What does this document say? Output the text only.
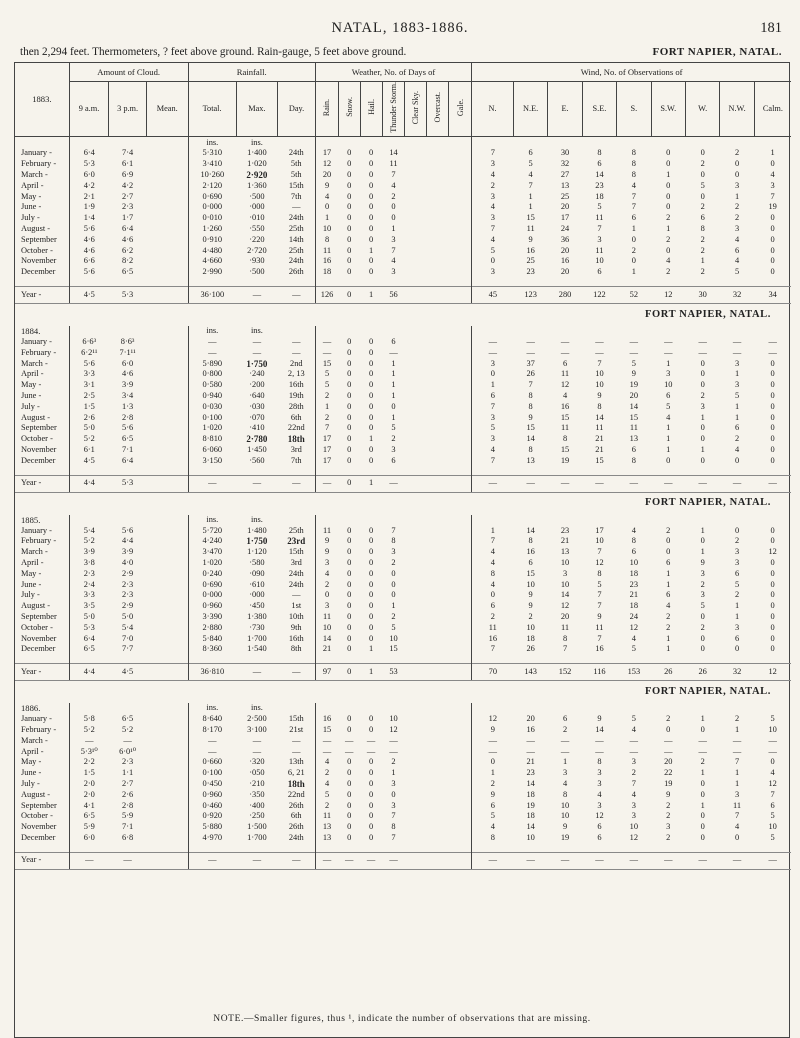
NATAL, 1883-1886.	181
then 2,294 feet. Thermometers, ? feet above ground. Rain-gauge, 5 feet above ground.	FORT NAPIER, NATAL.
1883.	Amount of Cloud.			Rainfall.			Weather, No. of Days of							Wind, No. of Observations of								
	9 a.m.	3 p.m.	Mean.	Total.	Max.	Day.	Rain.	Snow.	Hail.	Thunder Storm.	Clear Sky.	Overcast.	Gale.	N.	N.E.	E.	S.E.	S.	S.W.	W.	N.W.	Calm.
				ins.	ins.																	
January -	6·4	7·4		5·310	1·400	24th	17	0	0	14				7	6	30	8	8	0	0	2	1
February -	5·3	6·1		3·410	1·020	5th	12	0	0	11				3	5	32	6	8	0	2	0	0
March -	6·0	6·9		10·260	2·920	5th	20	0	0	7				4	4	27	14	8	1	0	0	4
April -	4·2	4·2		2·120	1·360	15th	9	0	0	4				2	7	13	23	4	0	5	3	3
May -	2·1	2·7		0·690	·500	7th	4	0	0	2				3	1	25	18	7	0	0	1	7
June -	1·9	2·3		0·000	·000	—	0	0	0	0				4	1	20	5	7	0	2	2	19
July -	1·4	1·7		0·010	·010	24th	1	0	0	0				3	15	17	11	6	2	6	2	0
August -	5·6	6·4		1·260	·550	25th	10	0	0	1				7	11	24	7	1	1	8	3	0
September	4·6	4·6		0·910	·220	14th	8	0	0	3				4	9	36	3	0	2	2	4	0
October -	4·6	6·2		4·480	2·720	25th	11	0	1	7				5	16	20	11	2	0	2	6	0
November	6·6	8·2		4·660	·930	24th	16	0	0	4				0	25	16	10	0	4	1	4	0
December	5·6	6·5		2·990	·500	26th	18	0	0	3				3	23	20	6	1	2	2	5	0

Year -	4·5	5·3		36·100	—	—	126	0	1	56				45	123	280	122	52	12	30	32	34
FORT NAPIER, NATAL.																						
1884.				ins.	ins.																	
January -	6·6³	8·6³		—	—	—	—	0	0	6				—	—	—	—	—	—	—	—	—
February -	6·2¹¹	7·1¹¹		—	—	—	—	0	0	—				—	—	—	—	—	—	—	—	—
March -	5·6	6·0		5·890	1·750	2nd	15	0	0	1				3	37	6	7	5	1	0	3	0
April -	3·3	4·6		0·800	·240	2, 13	5	0	0	1				0	26	11	10	9	3	0	1	0
May -	3·1	3·9		0·580	·200	16th	5	0	0	1				1	7	12	10	19	10	0	3	0
June -	2·5	3·4		0·940	·640	19th	2	0	0	1				6	8	4	9	20	6	2	5	0
July -	1·5	1·3		0·030	·030	28th	1	0	0	0				7	8	16	8	14	5	3	1	0
August -	2·6	2·8		0·100	·070	6th	2	0	0	1				3	9	15	14	15	4	1	1	0
September	5·0	5·6		1·020	·410	22nd	7	0	0	5				5	15	11	11	11	1	0	6	0
October -	5·2	6·5		8·810	2·780	18th	17	0	1	2				3	14	8	21	13	1	0	2	0
November	6·1	7·1		6·060	1·450	3rd	17	0	0	3				4	8	15	21	6	1	1	4	0
December	4·5	6·4		3·150	·560	7th	17	0	0	6				7	13	19	15	8	0	0	0	0

Year -	4·4	5·3		—	—	—	—	0	1	—				—	—	—	—	—	—	—	—	—
FORT NAPIER, NATAL.																						
1885.				ins.	ins.																	
January -	5·4	5·6		5·720	1·480	25th	11	0	0	7				1	14	23	17	4	2	1	0	0
February -	5·2	4·4		4·240	1·750	23rd	9	0	0	8				7	8	21	10	8	0	0	2	0
March -	3·9	3·9		3·470	1·120	15th	9	0	0	3				4	16	13	7	6	0	1	3	12
April -	3·8	4·0		1·020	·580	3rd	3	0	0	2				4	6	10	12	10	6	9	3	0
May -	2·3	2·9		0·240	·090	24th	4	0	0	0				8	15	3	8	18	1	3	6	0
June -	2·4	2·3		0·690	·610	24th	2	0	0	0				4	10	10	5	23	1	2	5	0
July -	3·3	2·3		0·000	·000	—	0	0	0	0				0	9	14	7	21	6	3	2	0
August -	3·5	2·9		0·960	·450	1st	3	0	0	1				6	9	12	7	18	4	5	1	0
September	5·0	5·0		3·390	1·380	10th	11	0	0	2				2	2	20	9	24	2	0	1	0
October -	5·3	5·4		2·880	·730	9th	10	0	0	5				11	10	11	11	12	2	2	3	0
November	6·4	7·0		5·840	1·700	16th	14	0	0	10				16	18	8	7	4	1	0	6	0
December	6·5	7·7		8·360	1·540	8th	21	0	1	15				7	26	7	16	5	1	0	0	0

Year -	4·4	4·5		36·810	—	—	97	0	1	53				70	143	152	116	153	26	26	32	12
FORT NAPIER, NATAL.																						
1886.				ins.	ins.																	
January -	5·8	6·5		8·640	2·500	15th	16	0	0	10				12	20	6	9	5	2	1	2	5
February -	5·2	5·2		8·170	3·100	21st	15	0	0	12				9	16	2	14	4	0	0	1	10
March -	—	—		—	—	—	—	—	—	—				—	—	—	—	—	—	—	—	—
April -	5·3¹⁰	6·0¹⁰		—	—	—	—	—	—	—				—	—	—	—	—	—	—	—	—
May -	2·2	2·3		0·660	·320	13th	4	0	0	2				0	21	1	8	3	20	2	7	0
June -	1·5	1·1		0·100	·050	6, 21	2	0	0	1				1	23	3	3	2	22	1	1	4
July -	2·0	2·7		0·450	·210	18th	4	0	0	3				2	14	4	3	7	19	0	1	12
August -	2·0	2·6		0·960	·350	22nd	5	0	0	0				9	18	8	4	4	9	0	3	7
September	4·1	2·8		0·460	·400	26th	2	0	0	3				6	19	10	3	3	2	1	11	6
October -	6·5	5·9		0·920	·250	6th	11	0	0	7				5	18	10	12	3	2	0	7	5
November	5·9	7·1		5·880	1·500	26th	13	0	0	8				4	14	9	6	10	3	0	4	10
December	6·0	6·8		4·970	1·700	24th	13	0	0	7				8	10	19	6	12	2	0	0	5

Year -	—	—		—	—	—	—	—	—	—				—	—	—	—	—	—	—	—	—
NOTE.—Smaller figures, thus ¹, indicate the number of observations that are missing.
